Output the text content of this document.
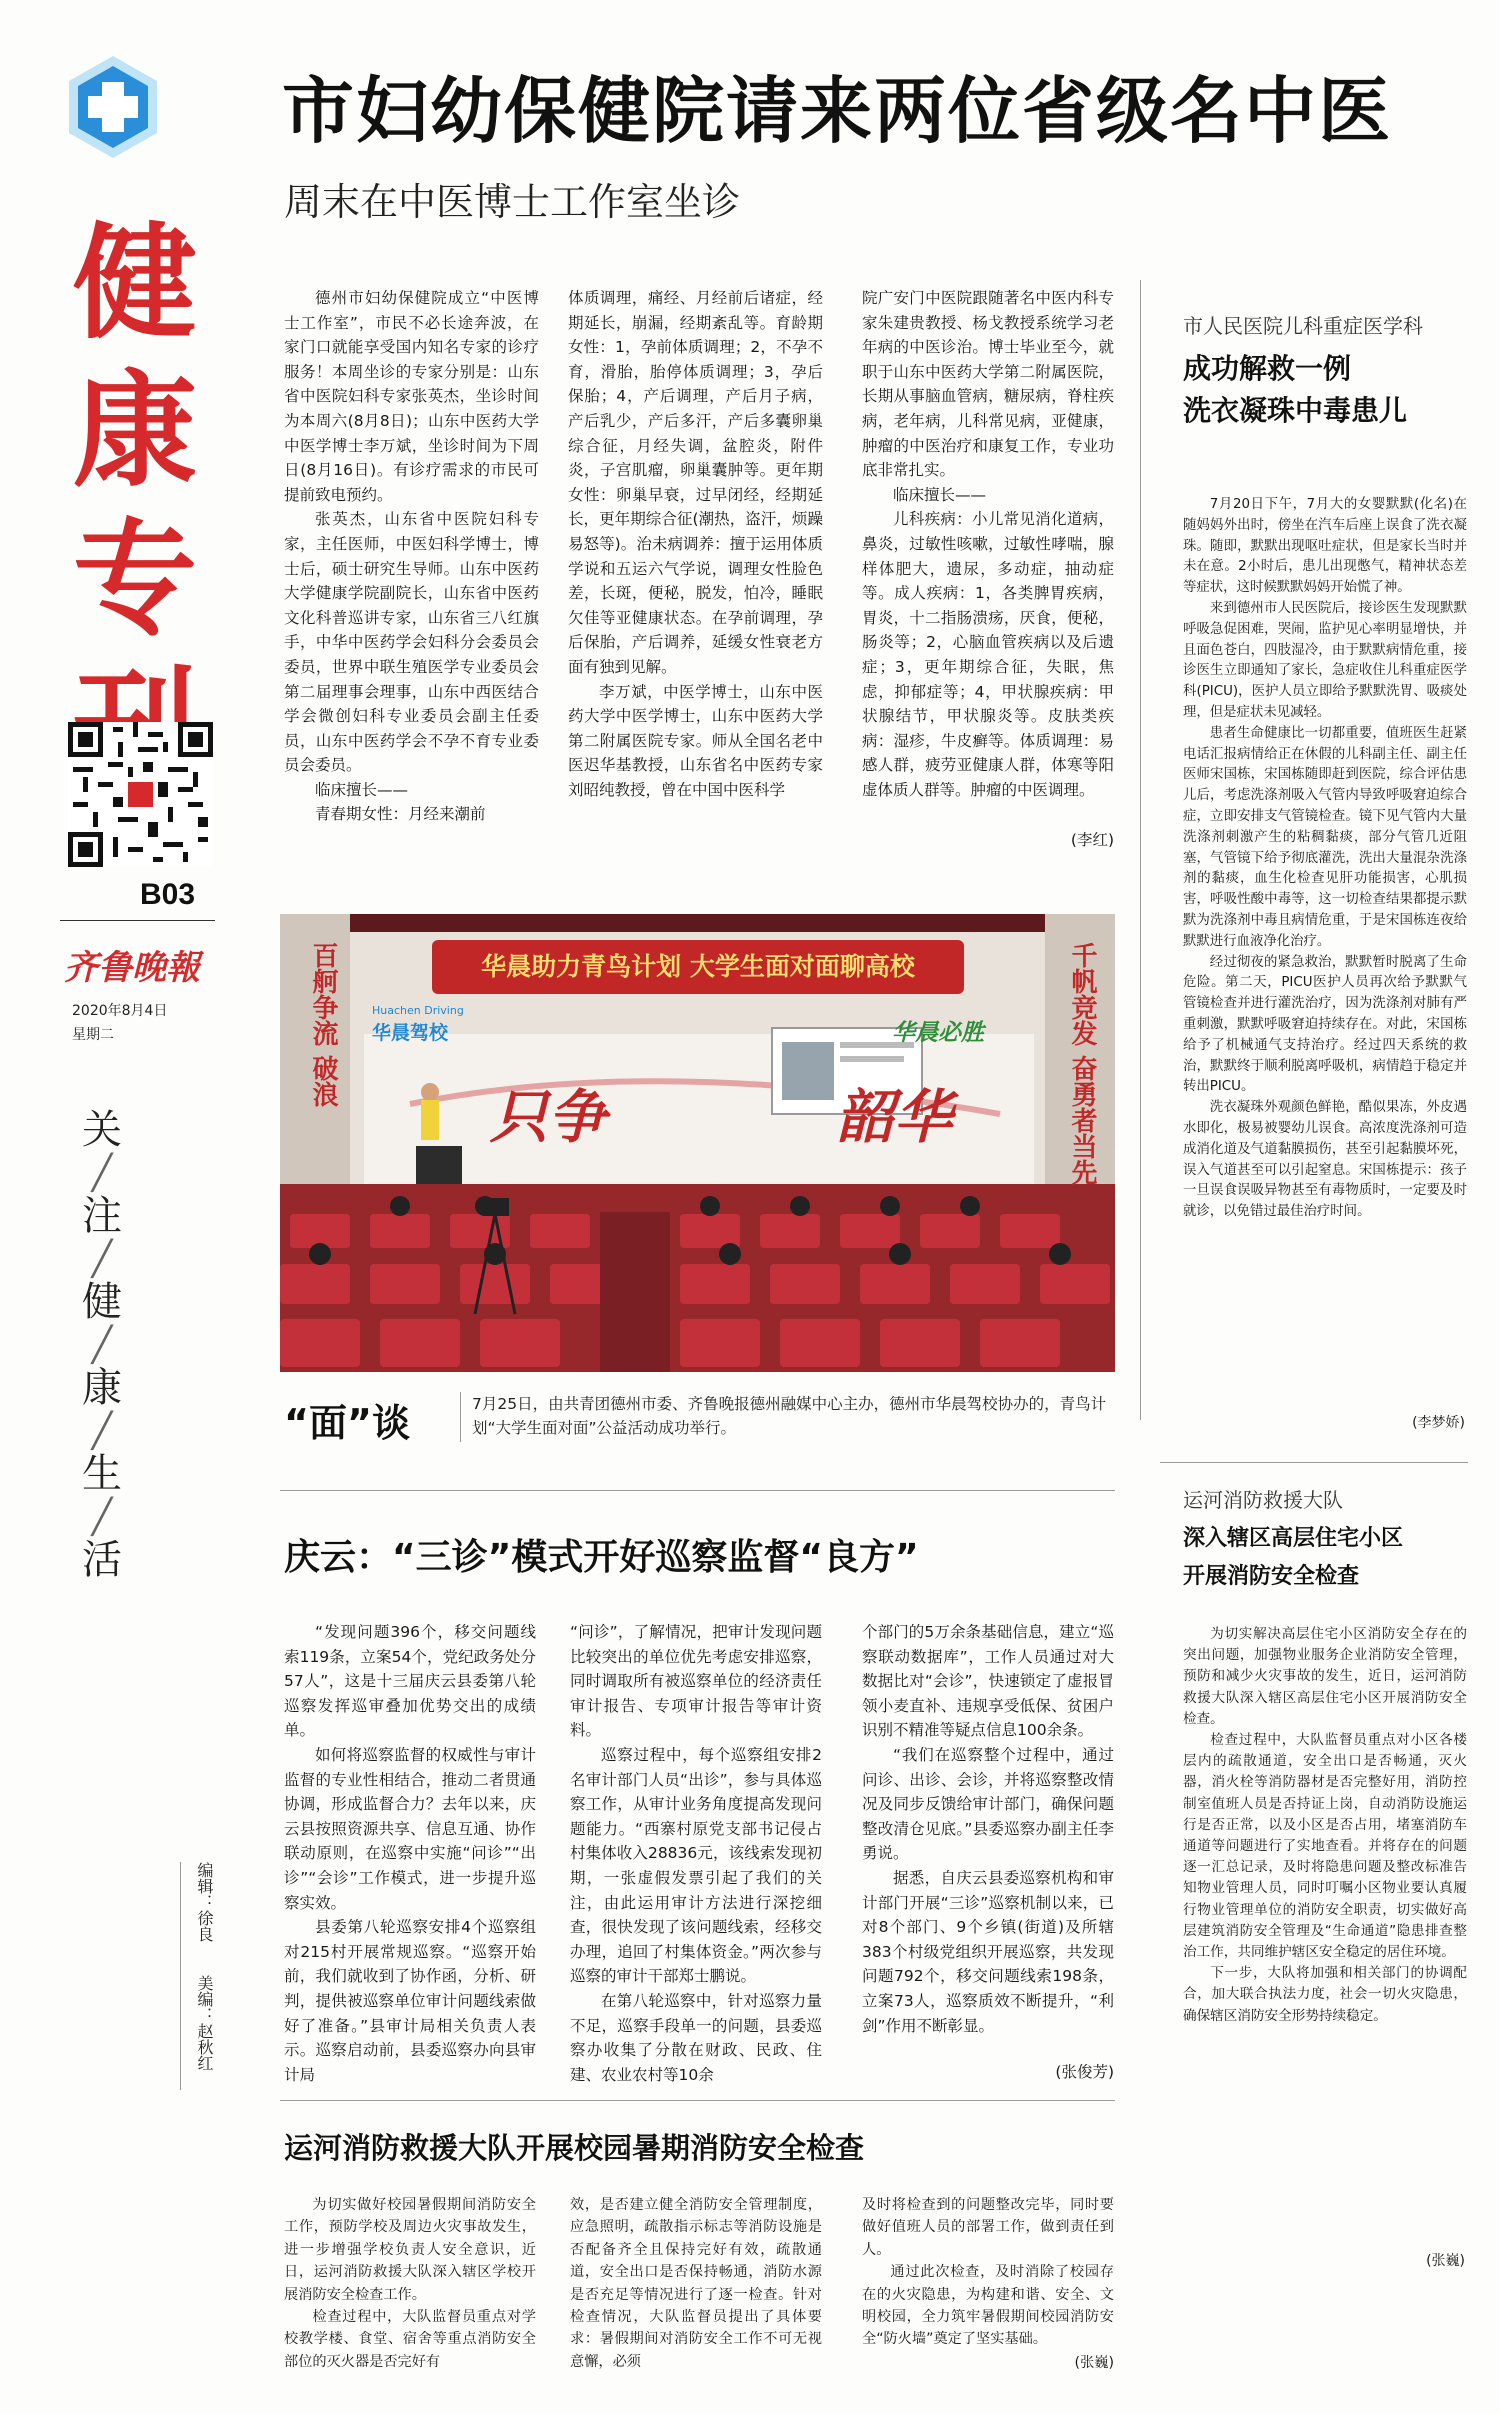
健
康
专
B03
齐鲁晚報
2020年8月4日
星期二
关
╱
注
╱
健
╱
康
╱
生
╱
活
编辑：徐良
美编：赵秋红
市妇幼保健院请来两位省级名中医
周末在中医博士工作室坐诊

德州市妇幼保健院成立“中医博士工作室”，市民不必长途奔波，在家门口就能享受国内知名专家的诊疗服务！本周坐诊的专家分别是：山东省中医院妇科专家张英杰，坐诊时间为本周六(8月8日)；山东中医药大学中医学博士李万斌，坐诊时间为下周日(8月16日)。有诊疗需求的市民可提前致电预约。

张英杰，山东省中医院妇科专家，主任医师，中医妇科学博士，博士后，硕士研究生导师。山东中医药大学健康学院副院长，山东省中医药文化科普巡讲专家，山东省三八红旗手，中华中医药学会妇科分会委员会委员，世界中联生殖医学专业委员会第二届理事会理事，山东中西医结合学会微创妇科专业委员会副主任委员，山东中医药学会不孕不育专业委员会委员。

临床擅长——

青春期女性：月经来潮前

体质调理，痛经、月经前后诸症，经期延长，崩漏，经期紊乱等。育龄期女性：1，孕前体质调理；2，不孕不育，滑胎，胎停体质调理；3，孕后保胎；4，产后调理，产后月子病，产后乳少，产后多汗，产后多囊卵巢综合征，月经失调，盆腔炎，附件炎，子宫肌瘤，卵巢囊肿等。更年期女性：卵巢早衰，过早闭经，经期延长，更年期综合征(潮热，盗汗，烦躁易怒等)。治未病调养：擅于运用体质学说和五运六气学说，调理女性脸色差，长斑，便秘，脱发，怕冷，睡眠欠佳等亚健康状态。在孕前调理，孕后保胎，产后调养，延缓女性衰老方面有独到见解。

李万斌，中医学博士，山东中医药大学中医学博士，山东中医药大学第二附属医院专家。师从全国名老中医迟华基教授，山东省名中医药专家刘昭纯教授，曾在中国中医科学

院广安门中医院跟随著名中医内科专家朱建贵教授、杨戈教授系统学习老年病的中医诊治。博士毕业至今，就职于山东中医药大学第二附属医院，长期从事脑血管病，糖尿病，脊柱疾病，老年病，儿科常见病，亚健康，肿瘤的中医治疗和康复工作，专业功底非常扎实。

临床擅长——

儿科疾病：小儿常见消化道病，鼻炎，过敏性咳嗽，过敏性哮喘，腺样体肥大，遗尿，多动症，抽动症等。成人疾病：1，各类脾胃疾病，胃炎，十二指肠溃疡，厌食，便秘，肠炎等；2，心脑血管疾病以及后遗症；3，更年期综合征，失眠，焦虑，抑郁症等；4，甲状腺疾病：甲状腺结节，甲状腺炎等。皮肤类疾病：湿疹，牛皮癣等。体质调理：易感人群，疲劳亚健康人群，体寒等阳虚体质人群等。肿瘤的中医调理。

(李红)
华晨助力青鸟计划 大学生面对面聊高校
华晨驾校
Huachen Driving
百舸争流 破浪	千帆竞发 奋勇者当先
华晨必胜
只争	韶华
“面”谈	7月25日，由共青团德州市委、齐鲁晚报德州融媒中心主办，德州市华晨驾校协办的，青鸟计划“大学生面对面”公益活动成功举行。
市人民医院儿科重症医学科
成功解救一例
洗衣凝珠中毒患儿

7月20日下午，7月大的女婴默默(化名)在随妈妈外出时，傍坐在汽车后座上误食了洗衣凝珠。随即，默默出现呕吐症状，但是家长当时并未在意。2小时后，患儿出现憋气，精神状态差等症状，这时候默默妈妈开始慌了神。

来到德州市人民医院后，接诊医生发现默默呼吸急促困难，哭闹，监护见心率明显增快，并且面色苍白，四肢湿冷，由于默默病情危重，接诊医生立即通知了家长，急症收住儿科重症医学科(PICU)，医护人员立即给予默默洗胃、吸痰处理，但是症状未见减轻。

患者生命健康比一切都重要，值班医生赶紧电话汇报病情给正在休假的儿科副主任、副主任医师宋国栋，宋国栋随即赶到医院，综合评估患儿后，考虑洗涤剂吸入气管内导致呼吸窘迫综合症，立即安排支气管镜检查。镜下见气管内大量洗涤剂刺激产生的粘稠黏痰，部分气管几近阻塞，气管镜下给予彻底灌洗，洗出大量混杂洗涤剂的黏痰，血生化检查见肝功能损害，心肌损害，呼吸性酸中毒等，这一切检查结果都提示默默为洗涤剂中毒且病情危重，于是宋国栋连夜给默默进行血液净化治疗。

经过彻夜的紧急救治，默默暂时脱离了生命危险。第二天，PICU医护人员再次给予默默气管镜检查并进行灌洗治疗，因为洗涤剂对肺有严重刺激，默默呼吸窘迫持续存在。对此，宋国栋给予了机械通气支持治疗。经过四天系统的救治，默默终于顺利脱离呼吸机，病情趋于稳定并转出PICU。

洗衣凝珠外观颜色鲜艳，酷似果冻，外皮遇水即化，极易被婴幼儿误食。高浓度洗涤剂可造成消化道及气道黏膜损伤，甚至引起黏膜坏死，误入气道甚至可以引起窒息。宋国栋提示：孩子一旦误食误吸异物甚至有毒物质时，一定要及时就诊，以免错过最佳治疗时间。

(李梦娇)
运河消防救援大队
深入辖区高层住宅小区
开展消防安全检查

为切实解决高层住宅小区消防安全存在的突出问题，加强物业服务企业消防安全管理，预防和减少火灾事故的发生，近日，运河消防救援大队深入辖区高层住宅小区开展消防安全检查。

检查过程中，大队监督员重点对小区各楼层内的疏散通道，安全出口是否畅通，灭火器，消火栓等消防器材是否完整好用，消防控制室值班人员是否持证上岗，自动消防设施运行是否正常，以及小区是否占用，堵塞消防车通道等问题进行了实地查看。并将存在的问题逐一汇总记录，及时将隐患问题及整改标准告知物业管理人员，同时叮嘱小区物业要认真履行物业管理单位的消防安全职责，切实做好高层建筑消防安全管理及“生命通道”隐患排查整治工作，共同维护辖区安全稳定的居住环境。

下一步，大队将加强和相关部门的协调配合，加大联合执法力度，社会一切火灾隐患，确保辖区消防安全形势持续稳定。

(张巍)
庆云：“三诊”模式开好巡察监督“良方”

“发现问题396个，移交问题线索119条，立案54个，党纪政务处分57人”，这是十三届庆云县委第八轮巡察发挥巡审叠加优势交出的成绩单。

如何将巡察监督的权威性与审计监督的专业性相结合，推动二者贯通协调，形成监督合力？去年以来，庆云县按照资源共享、信息互通、协作联动原则，在巡察中实施“问诊”“出诊”“会诊”工作模式，进一步提升巡察实效。

县委第八轮巡察安排4个巡察组对215村开展常规巡察。“巡察开始前，我们就收到了协作函，分析、研判，提供被巡察单位审计问题线索做好了准备。”县审计局相关负责人表示。巡察启动前，县委巡察办向县审计局

“问诊”，了解情况，把审计发现问题比较突出的单位优先考虑安排巡察，同时调取所有被巡察单位的经济责任审计报告、专项审计报告等审计资料。

巡察过程中，每个巡察组安排2名审计部门人员“出诊”，参与具体巡察工作，从审计业务角度提高发现问题能力。“西寨村原党支部书记侵占村集体收入28836元，该线索发现初期，一张虚假发票引起了我们的关注，由此运用审计方法进行深挖细查，很快发现了该问题线索，经移交办理，追回了村集体资金。”两次参与巡察的审计干部郑士鹏说。

在第八轮巡察中，针对巡察力量不足，巡察手段单一的问题，县委巡察办收集了分散在财政、民政、住建、农业农村等10余

个部门的5万余条基础信息，建立“巡察联动数据库”，工作人员通过对大数据比对“会诊”，快速锁定了虚报冒领小麦直补、违规享受低保、贫困户识别不精准等疑点信息100余条。

“我们在巡察整个过程中，通过问诊、出诊、会诊，并将巡察整改情况及同步反馈给审计部门，确保问题整改清仓见底。”县委巡察办副主任李勇说。

据悉，自庆云县委巡察机构和审计部门开展“三诊”巡察机制以来，已对8个部门、9个乡镇(街道)及所辖383个村级党组织开展巡察，共发现问题792个，移交问题线索198条，立案73人，巡察质效不断提升，“利剑”作用不断彰显。

(张俊芳)
运河消防救援大队开展校园暑期消防安全检查

为切实做好校园暑假期间消防安全工作，预防学校及周边火灾事故发生，进一步增强学校负责人安全意识，近日，运河消防救援大队深入辖区学校开展消防安全检查工作。

检查过程中，大队监督员重点对学校教学楼、食堂、宿舍等重点消防安全部位的灭火器是否完好有

效，是否建立健全消防安全管理制度，应急照明，疏散指示标志等消防设施是否配备齐全且保持完好有效，疏散通道，安全出口是否保持畅通，消防水源是否充足等情况进行了逐一检查。针对检查情况，大队监督员提出了具体要求：暑假期间对消防安全工作不可无视意懈，必须

及时将检查到的问题整改完毕，同时要做好值班人员的部署工作，做到责任到人。

通过此次检查，及时消除了校园存在的火灾隐患，为构建和谐、安全、文明校园，全力筑牢暑假期间校园消防安全“防火墙”奠定了坚实基础。

(张巍)
